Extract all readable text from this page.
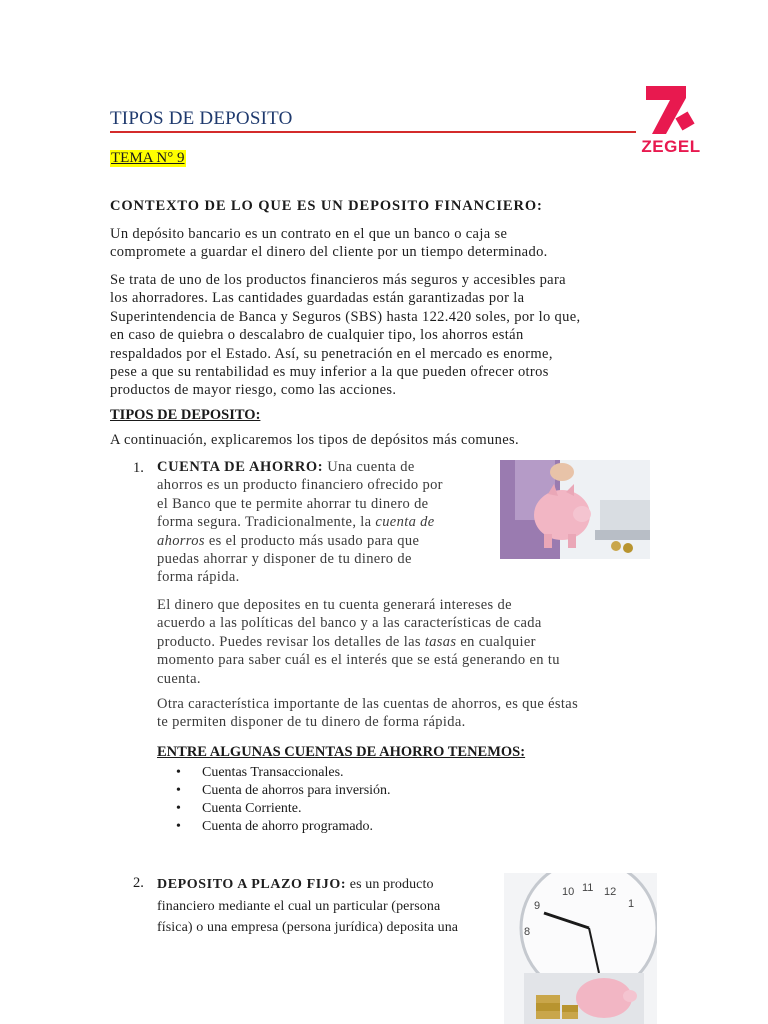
TIPOS DE DEPOSITO
ZEGEL
TEMA N° 9
CONTEXTO DE LO QUE ES UN DEPOSITO FINANCIERO:
Un depósito bancario es un contrato en el que un banco o caja se
compromete a guardar el dinero del cliente por un tiempo determinado.
Se trata de uno de los productos financieros más seguros y accesibles para
los ahorradores. Las cantidades guardadas están garantizadas por la
Superintendencia de Banca y Seguros (SBS) hasta 122.420 soles, por lo que,
en caso de quiebra o descalabro de cualquier tipo, los ahorros están
respaldados por el Estado. Así, su penetración en el mercado es enorme,
pese a que su rentabilidad es muy inferior a la que pueden ofrecer otros
productos de mayor riesgo, como las acciones.
TIPOS DE DEPOSITO:
A continuación, explicaremos los tipos de depósitos más comunes.
1. CUENTA DE AHORRO: Una cuenta de
ahorros es un producto financiero ofrecido por
el Banco que te permite ahorrar tu dinero de
forma segura. Tradicionalmente, la cuenta de
ahorros es el producto más usado para que
puedas ahorrar y disponer de tu dinero de
forma rápida.
El dinero que deposites en tu cuenta generará intereses de
acuerdo a las políticas del banco y a las características de cada
producto. Puedes revisar los detalles de las tasas en cualquier
momento para saber cuál es el interés que se está generando en tu
cuenta.
Otra característica importante de las cuentas de ahorros, es que éstas
te permiten disponer de tu dinero de forma rápida.
ENTRE ALGUNAS CUENTAS DE AHORRO TENEMOS:
• Cuentas Transaccionales.
• Cuenta de ahorros para inversión.
• Cuenta Corriente.
• Cuenta de ahorro programado.
2. DEPOSITO A PLAZO FIJO: es un producto
financiero mediante el cual un particular (persona
física) o una empresa (persona jurídica) deposita una
10 11 12
1
9
8
